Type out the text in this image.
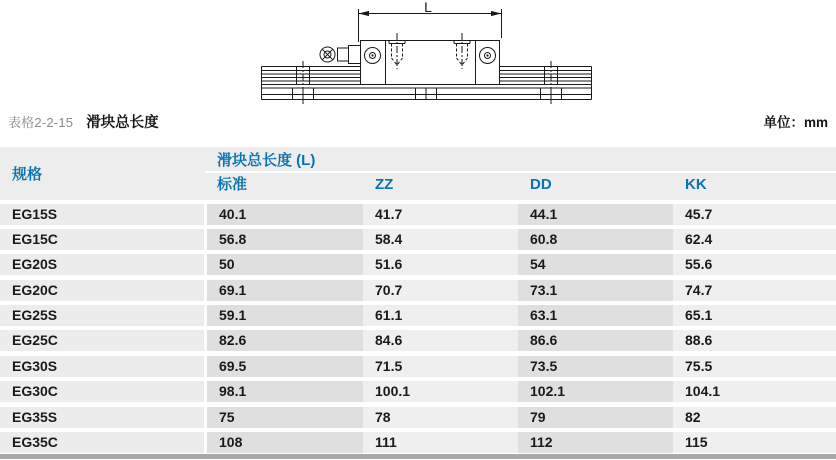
L
表格2-2-15 滑块总长度	单位：mm
规格
滑块总长度 (L)
标准	ZZ	DD	KK
EG15S	40.1	41.7	44.1	45.7
EG15C	56.8	58.4	60.8	62.4
EG20S	50	51.6	54	55.6
EG20C	69.1	70.7	73.1	74.7
EG25S	59.1	61.1	63.1	65.1
EG25C	82.6	84.6	86.6	88.6
EG30S	69.5	71.5	73.5	75.5
EG30C	98.1	100.1	102.1	104.1
EG35S	75	78	79	82
EG35C	108	111	112	115
